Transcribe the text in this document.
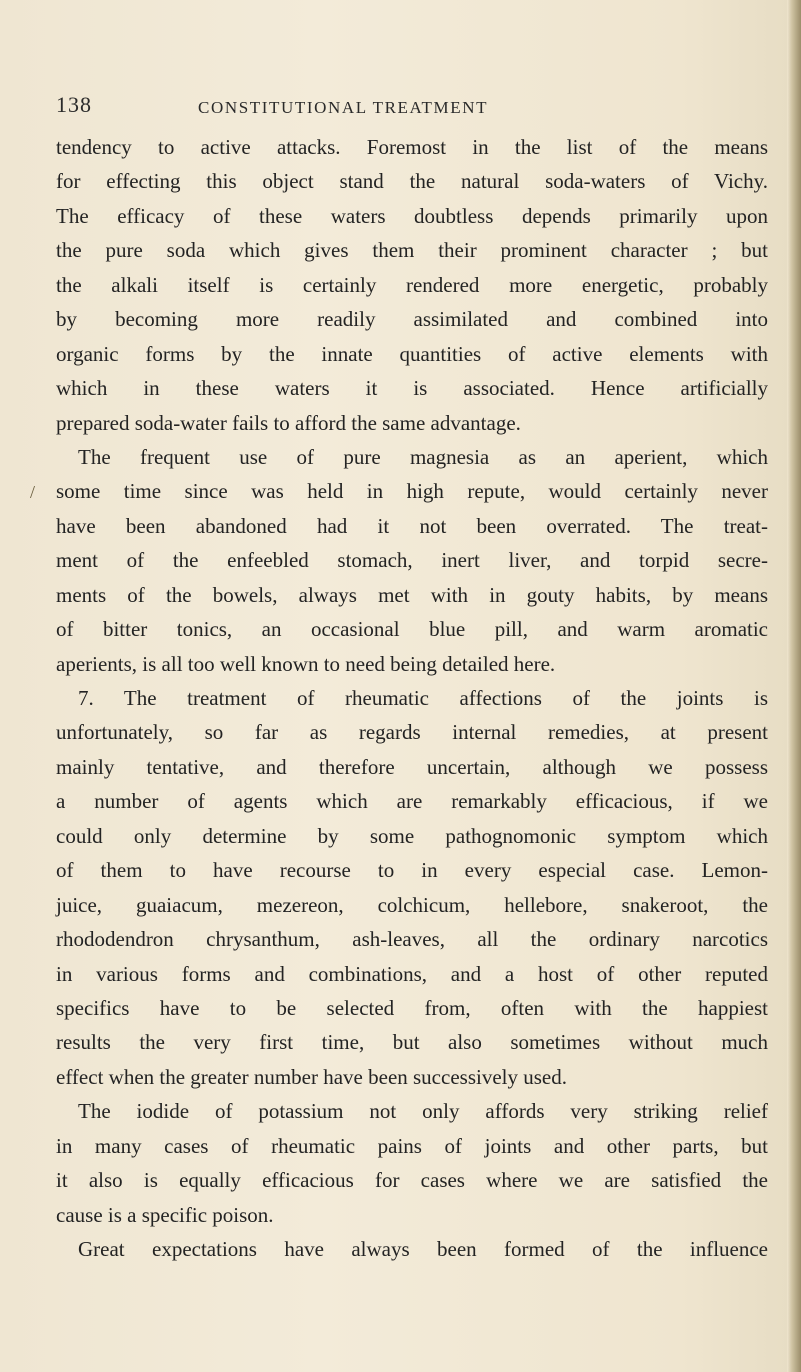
138	CONSTITUTIONAL TREATMENT
tendency to active attacks. Foremost in the list of the means
for effecting this object stand the natural soda-waters of Vichy.
The efficacy of these waters doubtless depends primarily upon
the pure soda which gives them their prominent character ; but
the alkali itself is certainly rendered more energetic, probably
by becoming more readily assimilated and combined into
organic forms by the innate quantities of active elements with
which in these waters it is associated. Hence artificially
prepared soda-water fails to afford the same advantage.
The frequent use of pure magnesia as an aperient, which
some time since was held in high repute, would certainly never
have been abandoned had it not been overrated. The treat-
ment of the enfeebled stomach, inert liver, and torpid secre-
ments of the bowels, always met with in gouty habits, by means
of bitter tonics, an occasional blue pill, and warm aromatic
aperients, is all too well known to need being detailed here.
7. The treatment of rheumatic affections of the joints is
unfortunately, so far as regards internal remedies, at present
mainly tentative, and therefore uncertain, although we possess
a number of agents which are remarkably efficacious, if we
could only determine by some pathognomonic symptom which
of them to have recourse to in every especial case. Lemon-
juice, guaiacum, mezereon, colchicum, hellebore, snakeroot, the
rhododendron chrysanthum, ash-leaves, all the ordinary narcotics
in various forms and combinations, and a host of other reputed
specifics have to be selected from, often with the happiest
results the very first time, but also sometimes without much
effect when the greater number have been successively used.
The iodide of potassium not only affords very striking relief
in many cases of rheumatic pains of joints and other parts, but
it also is equally efficacious for cases where we are satisfied the
cause is a specific poison.
Great expectations have always been formed of the influence
/
